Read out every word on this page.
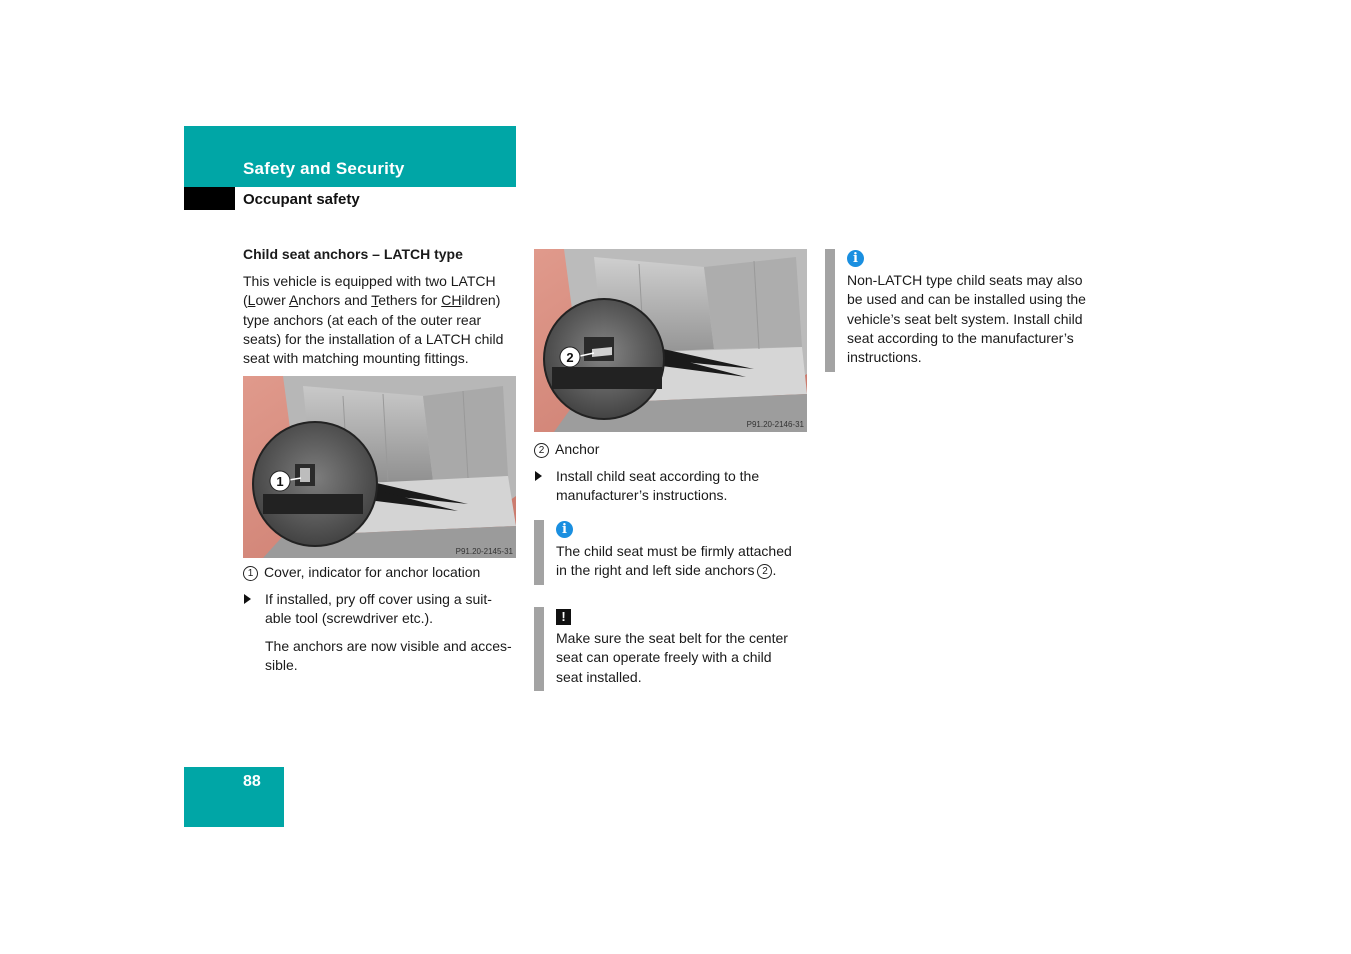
Safety and Security
Occupant safety
Child seat anchors – LATCH type

This vehicle is equipped with two LATCH
(Lower Anchors and Tethers for CHildren)
type anchors (at each of the outer rear
seats) for the installation of a LATCH child
seat with matching mounting fittings.

1
P91.20-2145-31
1 Cover, indicator for anchor location
If installed, pry off cover using a suit-
able tool (screwdriver etc.).
The anchors are now visible and acces-
sible.
2
P91.20-2146-31
2 Anchor
Install child seat according to the
manufacturer’s instructions.
i
The child seat must be firmly attached
in the right and left side anchors 2 .
!
Make sure the seat belt for the center
seat can operate freely with a child
seat installed.
i
Non-LATCH type child seats may also
be used and can be installed using the
vehicle’s seat belt system. Install child
seat according to the manufacturer’s
instructions.
88
